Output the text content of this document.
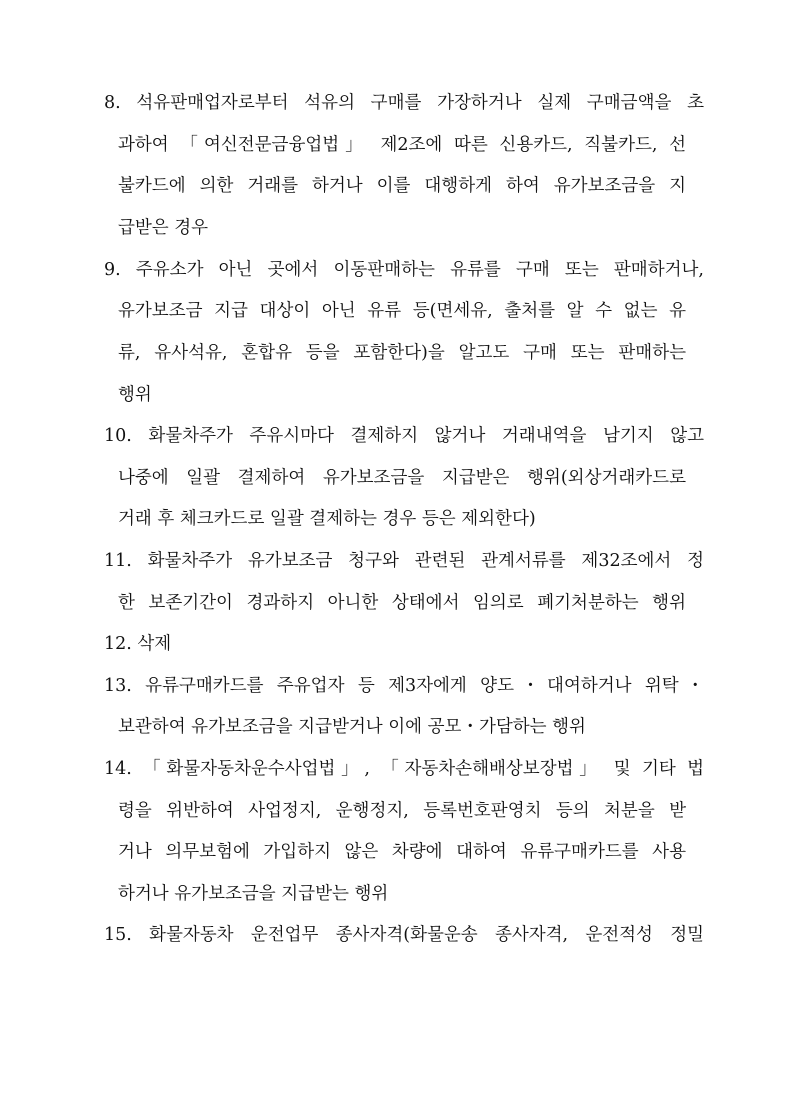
8. 석유판매업자로부터 석유의 구매를 가장하거나 실제 구매금액을 초
과하여 「여신전문금융업법」 제2조에 따른 신용카드, 직불카드, 선
불카드에 의한 거래를 하거나 이를 대행하게 하여 유가보조금을 지
급받은 경우
9. 주유소가 아닌 곳에서 이동판매하는 유류를 구매 또는 판매하거나,
유가보조금 지급 대상이 아닌 유류 등(면세유, 출처를 알 수 없는 유
류, 유사석유, 혼합유 등을 포함한다)을 알고도 구매 또는 판매하는
행위
10. 화물차주가 주유시마다 결제하지 않거나 거래내역을 남기지 않고
나중에 일괄 결제하여 유가보조금을 지급받은 행위(외상거래카드로
거래 후 체크카드로 일괄 결제하는 경우 등은 제외한다)
11. 화물차주가 유가보조금 청구와 관련된 관계서류를 제32조에서 정
한 보존기간이 경과하지 아니한 상태에서 임의로 폐기처분하는 행위
12. 삭제
13. 유류구매카드를 주유업자 등 제3자에게 양도・대여하거나 위탁・
보관하여 유가보조금을 지급받거나 이에 공모・가담하는 행위
14. 「화물자동차운수사업법」, 「자동차손해배상보장법」 및 기타 법
령을 위반하여 사업정지, 운행정지, 등록번호판영치 등의 처분을 받
거나 의무보험에 가입하지 않은 차량에 대하여 유류구매카드를 사용
하거나 유가보조금을 지급받는 행위
15. 화물자동차 운전업무 종사자격(화물운송 종사자격, 운전적성 정밀
